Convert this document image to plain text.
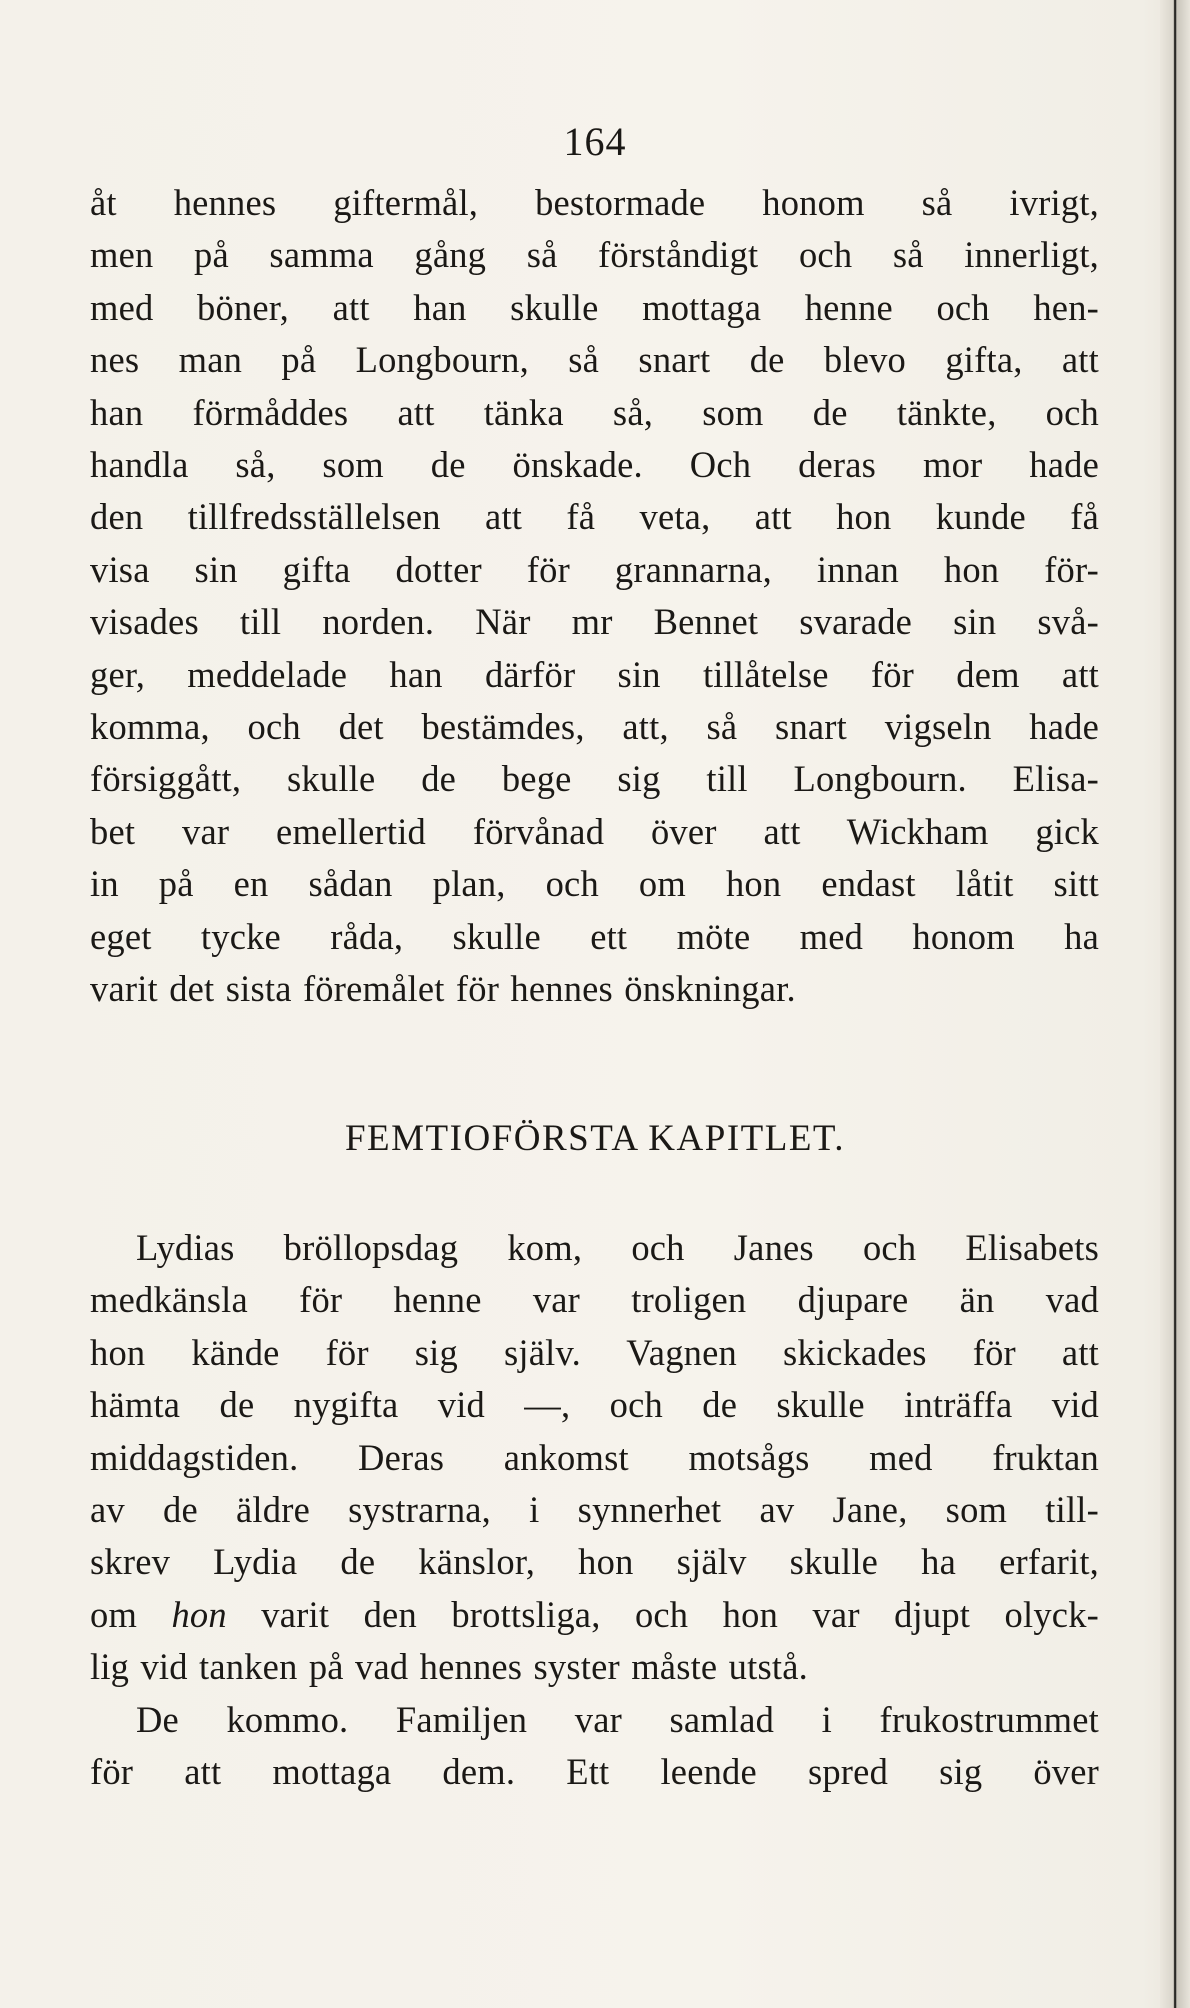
164
åt hennes giftermål, bestormade honom så ivrigt,
men på samma gång så förståndigt och så innerligt,
med böner, att han skulle mottaga henne och hen-
nes man på Longbourn, så snart de blevo gifta, att
han förmåddes att tänka så, som de tänkte, och
handla så, som de önskade. Och deras mor hade
den tillfredsställelsen att få veta, att hon kunde få
visa sin gifta dotter för grannarna, innan hon för-
visades till norden. När mr Bennet svarade sin svå-
ger, meddelade han därför sin tillåtelse för dem att
komma, och det bestämdes, att, så snart vigseln hade
försiggått, skulle de bege sig till Longbourn. Elisa-
bet var emellertid förvånad över att Wickham gick
in på en sådan plan, och om hon endast låtit sitt
eget tycke råda, skulle ett möte med honom ha
varit det sista föremålet för hennes önskningar.
FEMTIOFÖRSTA KAPITLET.
Lydias bröllopsdag kom, och Janes och Elisabets
medkänsla för henne var troligen djupare än vad
hon kände för sig själv. Vagnen skickades för att
hämta de nygifta vid —, och de skulle inträffa vid
middagstiden. Deras ankomst motsågs med fruktan
av de äldre systrarna, i synnerhet av Jane, som till-
skrev Lydia de känslor, hon själv skulle ha erfarit,
om hon varit den brottsliga, och hon var djupt olyck-
lig vid tanken på vad hennes syster måste utstå.
De kommo. Familjen var samlad i frukostrummet
för att mottaga dem. Ett leende spred sig över
